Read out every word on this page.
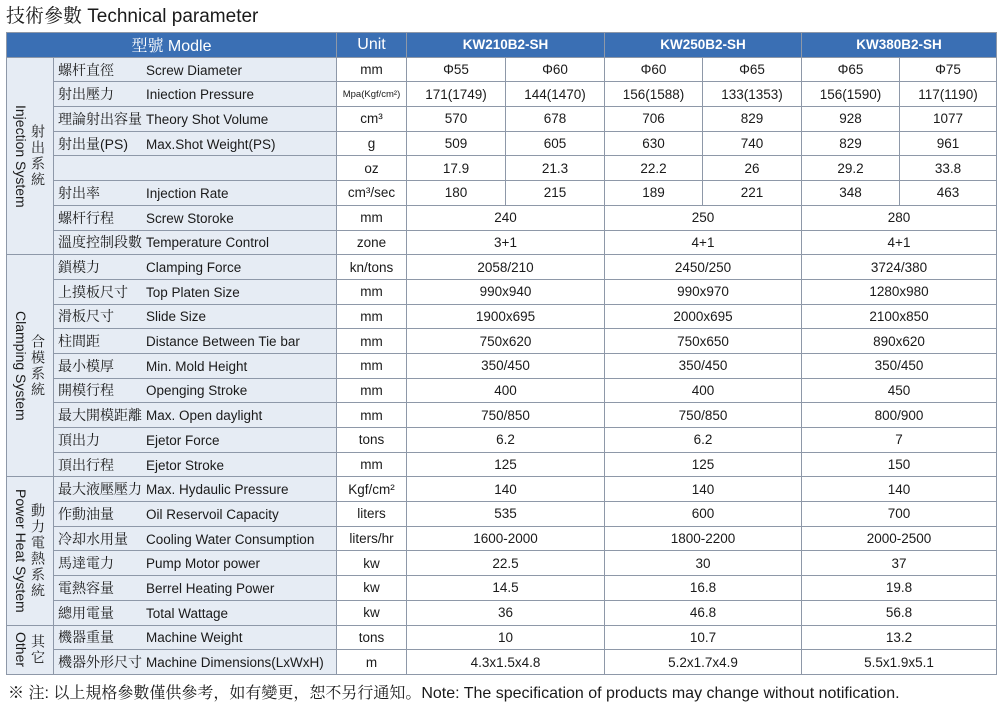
技術參數 Technical parameter
型號 Modle		Unit	KW210B2-SH		KW250B2-SH		KW380B2-SH	

Injection System 射出系統	螺杆直徑 Screw Diameter	mm	Φ55	Φ60	Φ60	Φ65	Φ65	Φ75
	射出壓力 Iniection Pressure	Mpa(Kgf/cm²)	171(1749)	144(1470)	156(1588)	133(1353)	156(1590)	117(1190)
	理論射出容量 Theory Shot Volume	cm³	570	678	706	829	928	1077
	射出量(PS) Max.Shot Weight(PS)	g	509	605	630	740	829	961
		oz	17.9	21.3	22.2	26	29.2	33.8
	射出率 Injection Rate	cm³/sec	180	215	189	221	348	463
	螺杆行程 Screw Storoke	mm	240		250		280	
	溫度控制段數 Temperature Control	zone	3+1		4+1		4+1	

Clamping System 合模系統	鎖模力 Clamping Force	kn/tons	2058/210		2450/250		3724/380	
	上摸板尺寸 Top Platen Size	mm	990x940		990x970		1280x980	
	滑板尺寸 Slide Size	mm	1900x695		2000x695		2100x850	
	柱間距 Distance Between Tie bar	mm	750x620		750x650		890x620	
	最小模厚 Min. Mold Height	mm	350/450		350/450		350/450	
	開模行程 Openging Stroke	mm	400		400		450	
	最大開模距離 Max. Open daylight	mm	750/850		750/850		800/900	
	頂出力 Ejetor Force	tons	6.2		6.2		7	
	頂出行程 Ejetor Stroke	mm	125		125		150	

Power Heat System 動力電熱系統	最大液壓壓力 Max. Hydaulic Pressure	Kgf/cm²	140		140		140	
	作動油量 Oil Reservoil Capacity	liters	535		600		700	
	冷却水用量 Cooling Water Consumption	liters/hr	1600-2000		1800-2200		2000-2500	
	馬達電力 Pump Motor power	kw	22.5		30		37	
	電熱容量 Berrel Heating Power	kw	14.5		16.8		19.8	
	總用電量 Total Wattage	kw	36		46.8		56.8	

Other 其它	機器重量 Machine Weight	tons	10		10.7		13.2	
	機器外形尺寸 Machine Dimensions(LxWxH)	m	4.3x1.5x4.8		5.2x1.7x4.9		5.5x1.9x5.1	
※ 注: 以上規格參數僅供參考，如有變更，恕不另行通知。Note: The specification of products may change without notification.
